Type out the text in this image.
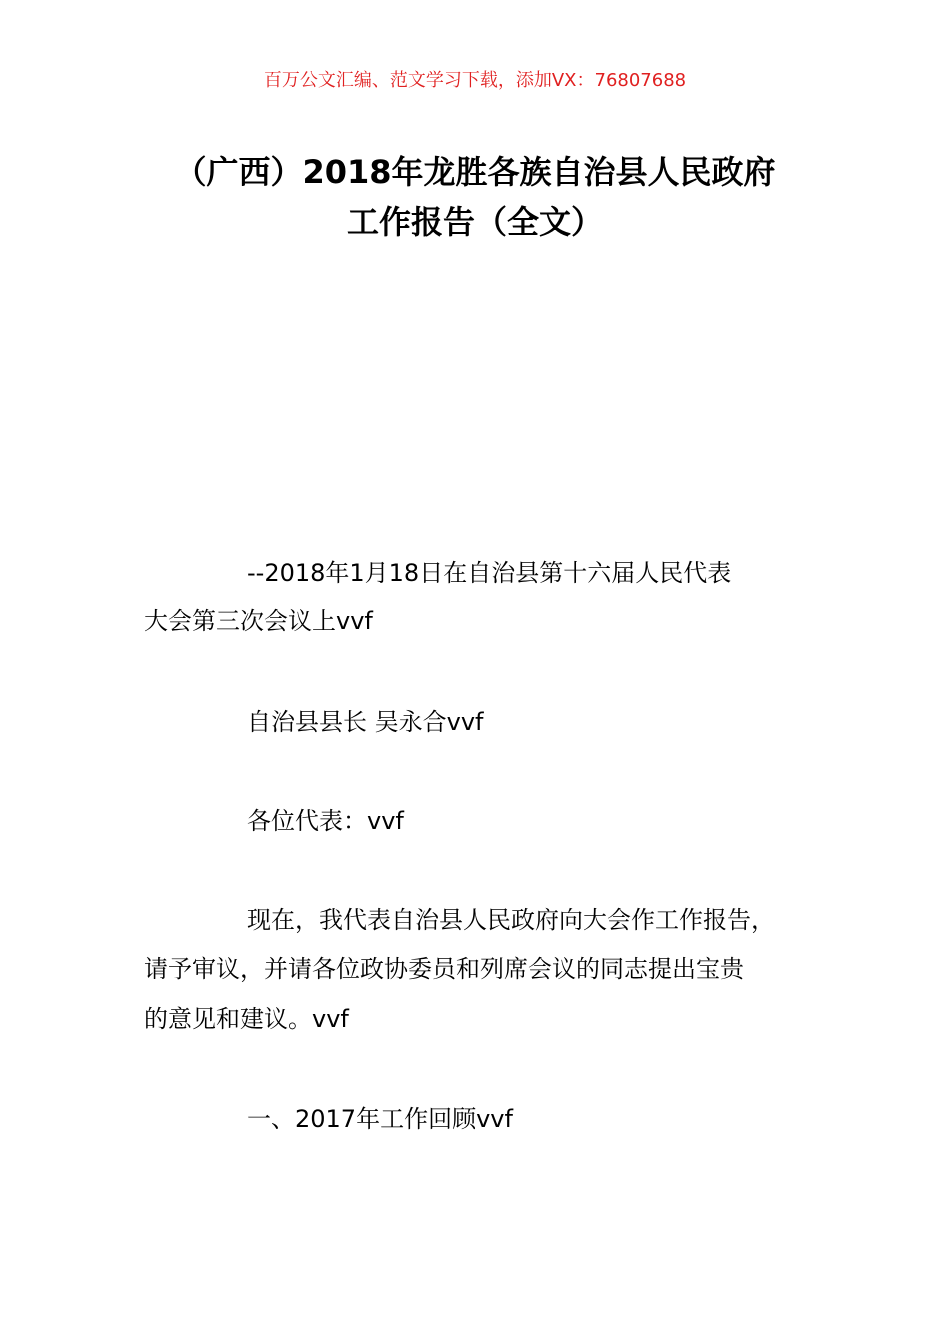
百万公文汇编、范文学习下载，添加VX：76807688
（广西）2018年龙胜各族自治县人民政府
工作报告（全文）
--2018年1月18日在自治县第十六届人民代表
大会第三次会议上vvf
自治县县长 吴永合vvf
各位代表：vvf
现在，我代表自治县人民政府向大会作工作报告，
请予审议，并请各位政协委员和列席会议的同志提出宝贵
的意见和建议。vvf
一、2017年工作回顾vvf
